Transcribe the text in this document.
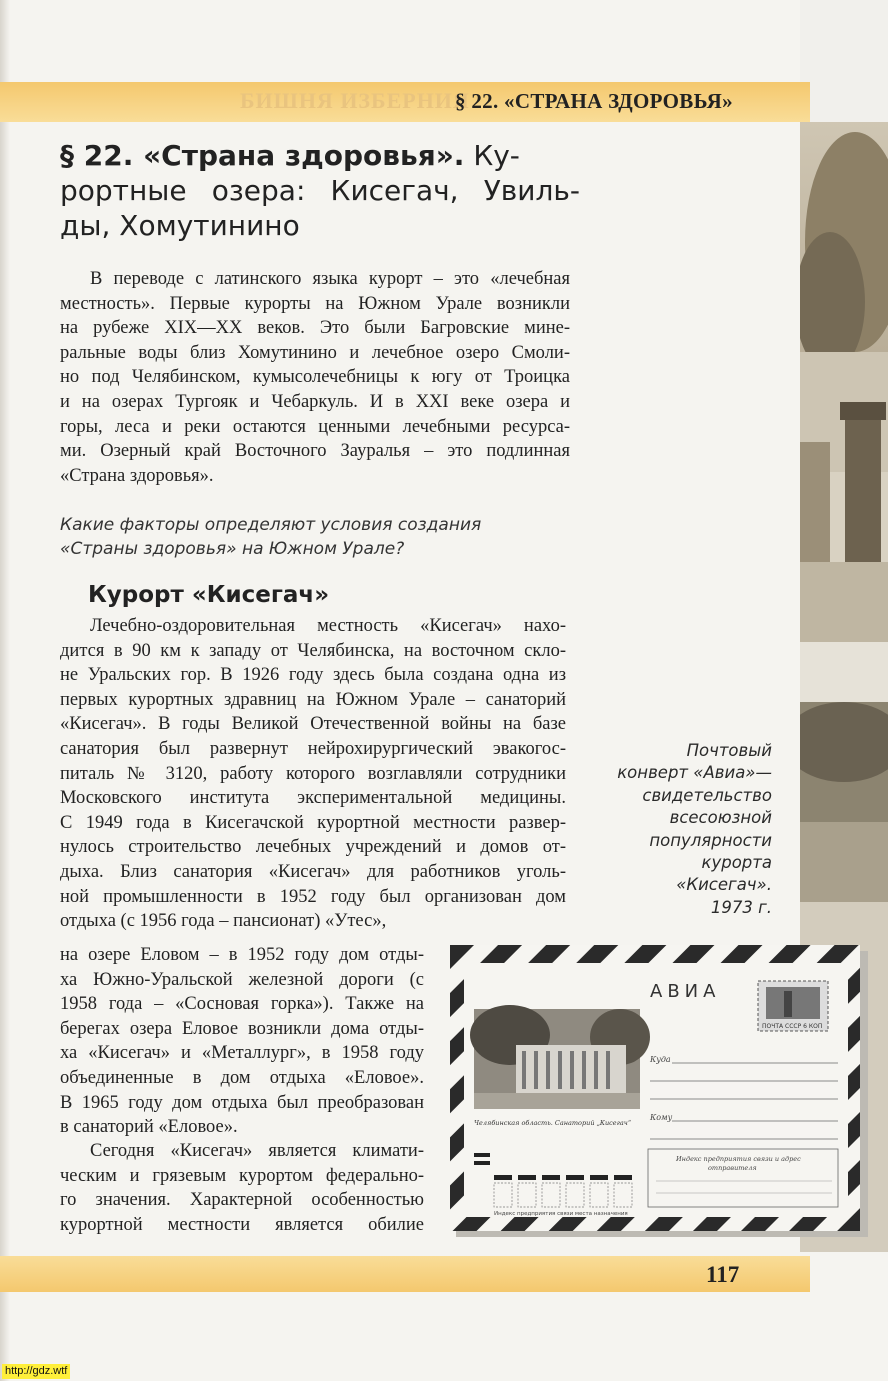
БИШНЯ ИЗБЕРНИЯ
§ 22. «СТРАНА ЗДОРОВЬЯ»
§ 22. «Страна здоровья». Ку-
рортные озера: Кисегач, Увиль-
ды, Хомутинино
В переводе с латинского языка курорт – это «лечебная
местность». Первые курорты на Южном Урале возникли
на рубеже XIX—XX веков. Это были Багровские мине-
ральные воды близ Хомутинино и лечебное озеро Смоли-
но под Челябинском, кумысолечебницы к югу от Троицка
и на озерах Тургояк и Чебаркуль. И в XXI веке озера и
горы, леса и реки остаются ценными лечебными ресурса-
ми. Озерный край Восточного Зауралья – это подлинная
«Страна здоровья».
Какие факторы определяют условия создания
«Страны здоровья» на Южном Урале?
Курорт «Кисегач»
Лечебно-оздоровительная местность «Кисегач» нахо-
дится в 90 км к западу от Челябинска, на восточном скло-
не Уральских гор. В 1926 году здесь была создана одна из
первых курортных здравниц на Южном Урале – санаторий
«Кисегач». В годы Великой Отечественной войны на базе
санатория был развернут нейрохирургический эвакогос-
питаль № 3120, работу которого возглавляли сотрудники
Московского института экспериментальной медицины.
С 1949 года в Кисегачской курортной местности развер-
нулось строительство лечебных учреждений и домов от-
дыха. Близ санатория «Кисегач» для работников уголь-
ной промышленности в 1952 году был организован дом
отдыха (с 1956 года – пансионат) «Утес»,
на озере Еловом – в 1952 году дом отды-
ха Южно-Уральской железной дороги (с
1958 года – «Сосновая горка»). Также на
берегах озера Еловое возникли дома отды-
ха «Кисегач» и «Металлург», в 1958 году
объединенные в дом отдыха «Еловое».
В 1965 году дом отдыха был преобразован
в санаторий «Еловое».
Сегодня «Кисегач» является климати-
ческим и грязевым курортом федерально-
го значения. Характерной особенностью
курортной местности является обилие
Почтовый
конверт «Авиа»—
свидетельство
всесоюзной
популярности
курорта
«Кисегач».
1973 г.
АВИА
ПОЧТА СССР 6 КОП
Челябинская область. Санаторий „Кисегач“
Куда
Кому
Индекс предприятия связи и адрес
отправителя
Индекс предприятия связи места назначения
117
http://gdz.wtf
